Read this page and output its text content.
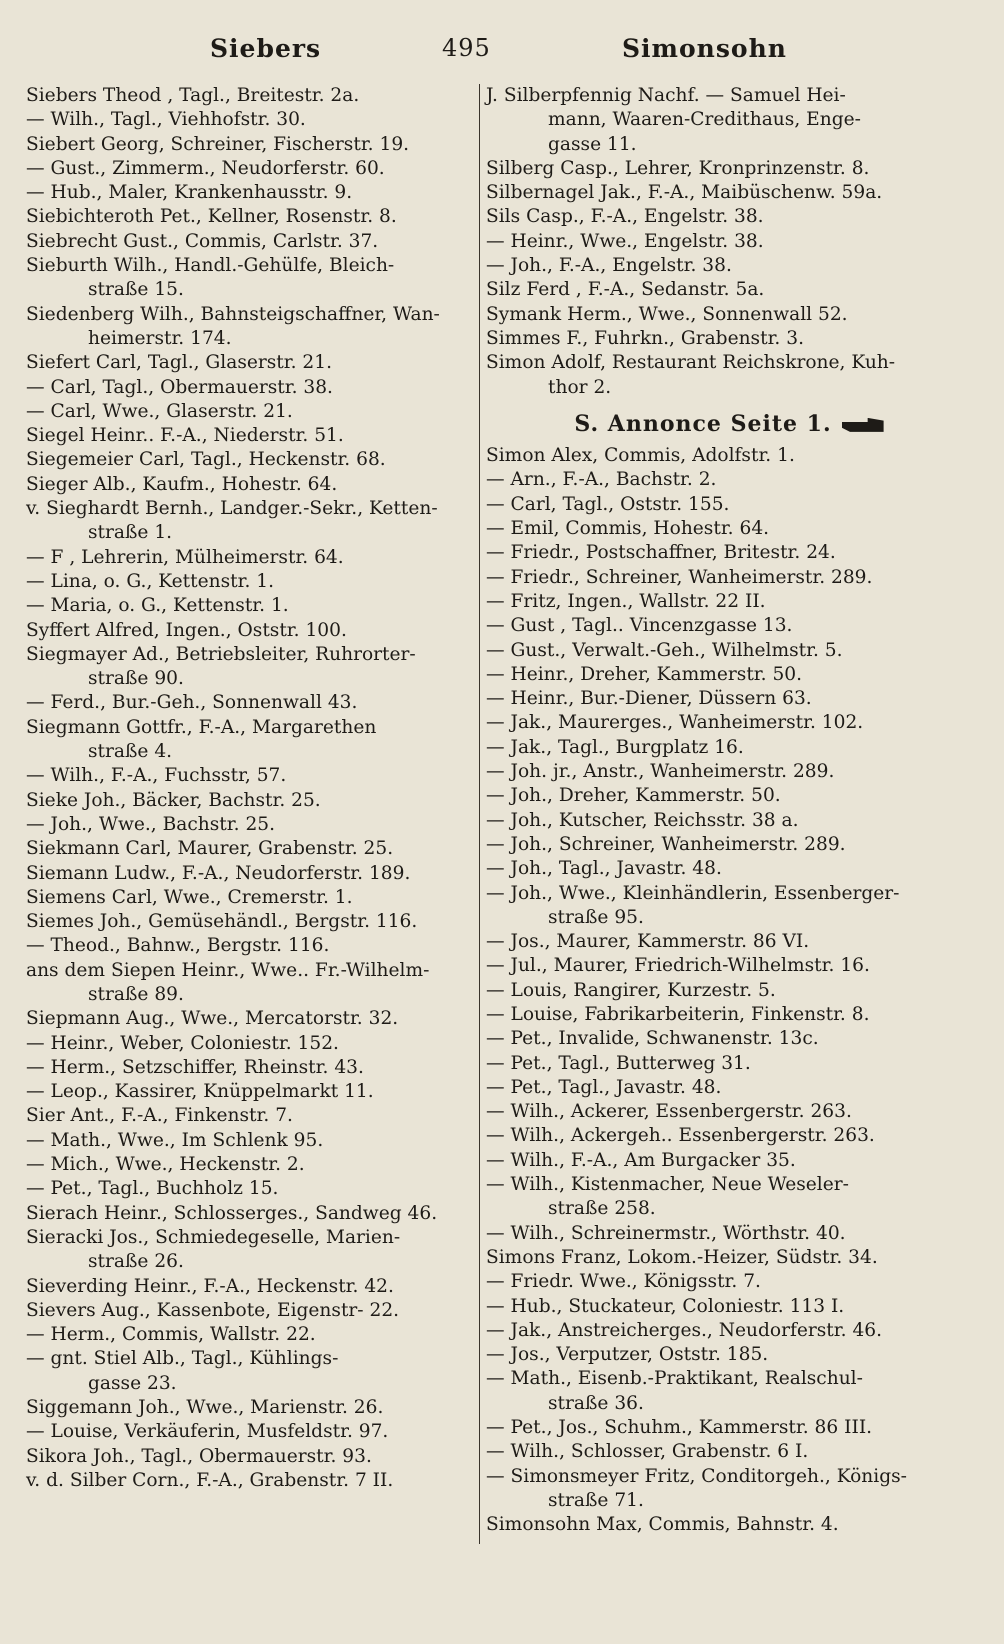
Siebers	495	Simonsohn
Siebers Theod , Tagl., Breitestr. 2a.
— Wilh., Tagl., Viehhofstr. 30.
Siebert Georg, Schreiner, Fischerstr. 19.
— Gust., Zimmerm., Neudorferstr. 60.
— Hub., Maler, Krankenhausstr. 9.
Siebichteroth Pet., Kellner, Rosenstr. 8.
Siebrecht Gust., Commis, Carlstr. 37.
Sieburth Wilh., Handl.-Gehülfe, Bleich-
straße 15.
Siedenberg Wilh., Bahnsteigschaffner, Wan-
heimerstr. 174.
Siefert Carl, Tagl., Glaserstr. 21.
— Carl, Tagl., Obermauerstr. 38.
— Carl, Wwe., Glaserstr. 21.
Siegel Heinr.. F.-A., Niederstr. 51.
Siegemeier Carl, Tagl., Heckenstr. 68.
Sieger Alb., Kaufm., Hohestr. 64.
v. Sieghardt Bernh., Landger.-Sekr., Ketten-
straße 1.
— F , Lehrerin, Mülheimerstr. 64.
— Lina, o. G., Kettenstr. 1.
— Maria, o. G., Kettenstr. 1.
Syffert Alfred, Ingen., Oststr. 100.
Siegmayer Ad., Betriebsleiter, Ruhrorter-
straße 90.
— Ferd., Bur.-Geh., Sonnenwall 43.
Siegmann Gottfr., F.-A., Margarethen
straße 4.
— Wilh., F.-A., Fuchsstr, 57.
Sieke Joh., Bäcker, Bachstr. 25.
— Joh., Wwe., Bachstr. 25.
Siekmann Carl, Maurer, Grabenstr. 25.
Siemann Ludw., F.-A., Neudorferstr. 189.
Siemens Carl, Wwe., Cremerstr. 1.
Siemes Joh., Gemüsehändl., Bergstr. 116.
— Theod., Bahnw., Bergstr. 116.
ans dem Siepen Heinr., Wwe.. Fr.-Wilhelm-
straße 89.
Siepmann Aug., Wwe., Mercatorstr. 32.
— Heinr., Weber, Coloniestr. 152.
— Herm., Setzschiffer, Rheinstr. 43.
— Leop., Kassirer, Knüppelmarkt 11.
Sier Ant., F.-A., Finkenstr. 7.
— Math., Wwe., Im Schlenk 95.
— Mich., Wwe., Heckenstr. 2.
— Pet., Tagl., Buchholz 15.
Sierach Heinr., Schlosserges., Sandweg 46.
Sieracki Jos., Schmiedegeselle, Marien-
straße 26.
Sieverding Heinr., F.-A., Heckenstr. 42.
Sievers Aug., Kassenbote, Eigenstr- 22.
— Herm., Commis, Wallstr. 22.
— gnt. Stiel Alb., Tagl., Kühlings-
gasse 23.
Siggemann Joh., Wwe., Marienstr. 26.
— Louise, Verkäuferin, Musfeldstr. 97.
Sikora Joh., Tagl., Obermauerstr. 93.
v. d. Silber Corn., F.-A., Grabenstr. 7 II.
J. Silberpfennig Nachf. — Samuel Hei-
mann, Waaren-Credithaus, Enge-
gasse 11.
Silberg Casp., Lehrer, Kronprinzenstr. 8.
Silbernagel Jak., F.-A., Maibüschenw. 59a.
Sils Casp., F.-A., Engelstr. 38.
— Heinr., Wwe., Engelstr. 38.
— Joh., F.-A., Engelstr. 38.
Silz Ferd , F.-A., Sedanstr. 5a.
Symank Herm., Wwe., Sonnenwall 52.
Simmes F., Fuhrkn., Grabenstr. 3.
Simon Adolf, Restaurant Reichskrone, Kuh-
thor 2.
S. Annonce Seite 1.
Simon Alex, Commis, Adolfstr. 1.
— Arn., F.-A., Bachstr. 2.
— Carl, Tagl., Oststr. 155.
— Emil, Commis, Hohestr. 64.
— Friedr., Postschaffner, Britestr. 24.
— Friedr., Schreiner, Wanheimerstr. 289.
— Fritz, Ingen., Wallstr. 22 II.
— Gust , Tagl.. Vincenzgasse 13.
— Gust., Verwalt.-Geh., Wilhelmstr. 5.
— Heinr., Dreher, Kammerstr. 50.
— Heinr., Bur.-Diener, Düssern 63.
— Jak., Maurerges., Wanheimerstr. 102.
— Jak., Tagl., Burgplatz 16.
— Joh. jr., Anstr., Wanheimerstr. 289.
— Joh., Dreher, Kammerstr. 50.
— Joh., Kutscher, Reichsstr. 38 a.
— Joh., Schreiner, Wanheimerstr. 289.
— Joh., Tagl., Javastr. 48.
— Joh., Wwe., Kleinhändlerin, Essenberger-
straße 95.
— Jos., Maurer, Kammerstr. 86 VI.
— Jul., Maurer, Friedrich-Wilhelmstr. 16.
— Louis, Rangirer, Kurzestr. 5.
— Louise, Fabrikarbeiterin, Finkenstr. 8.
— Pet., Invalide, Schwanenstr. 13c.
— Pet., Tagl., Butterweg 31.
— Pet., Tagl., Javastr. 48.
— Wilh., Ackerer, Essenbergerstr. 263.
— Wilh., Ackergeh.. Essenbergerstr. 263.
— Wilh., F.-A., Am Burgacker 35.
— Wilh., Kistenmacher, Neue Weseler-
straße 258.
— Wilh., Schreinermstr., Wörthstr. 40.
Simons Franz, Lokom.-Heizer, Südstr. 34.
— Friedr. Wwe., Königsstr. 7.
— Hub., Stuckateur, Coloniestr. 113 I.
— Jak., Anstreicherges., Neudorferstr. 46.
— Jos., Verputzer, Oststr. 185.
— Math., Eisenb.-Praktikant, Realschul-
straße 36.
— Pet., Jos., Schuhm., Kammerstr. 86 III.
— Wilh., Schlosser, Grabenstr. 6 I.
— Simonsmeyer Fritz, Conditorgeh., Königs-
straße 71.
Simonsohn Max, Commis, Bahnstr. 4.
